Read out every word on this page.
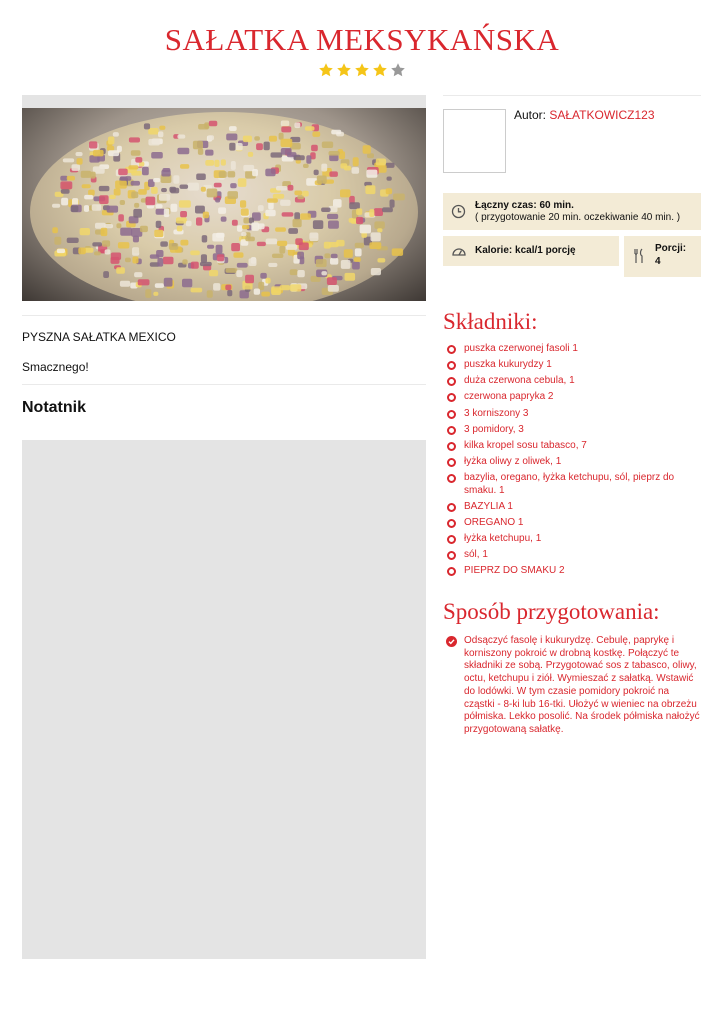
SAŁATKA MEKSYKAŃSKA
PYSZNA SAŁATKA MEXICO
Smacznego!
Notatnik
Autor: SAŁATKOWICZ123
Łączny czas: 60 min.
( przygotowanie 20 min. oczekiwanie 40 min. )
Kalorie: kcal/1 porcję	Porcji:
4
Składniki:
puszka czerwonej fasoli 1
puszka kukurydzy 1
duża czerwona cebula, 1
czerwona papryka 2
3 korniszony 3
3 pomidory, 3
kilka kropel sosu tabasco, 7
łyżka oliwy z oliwek, 1
bazylia, oregano, łyżka ketchupu, sól, pieprz do smaku. 1
BAZYLIA 1
OREGANO 1
łyżka ketchupu, 1
sól, 1
PIEPRZ DO SMAKU 2
Sposób przygotowania:
Odsączyć fasolę i kukurydzę. Cebulę, paprykę i korniszony pokroić w drobną kostkę. Połączyć te składniki ze sobą. Przygotować sos z tabasco, oliwy, octu, ketchupu i ziół. Wymieszać z sałatką. Wstawić do lodówki. W tym czasie pomidory pokroić na cząstki - 8-ki lub 16-tki. Ułożyć w wieniec na obrzeżu półmiska. Lekko posolić. Na środek półmiska nałożyć przygotowaną sałatkę.
